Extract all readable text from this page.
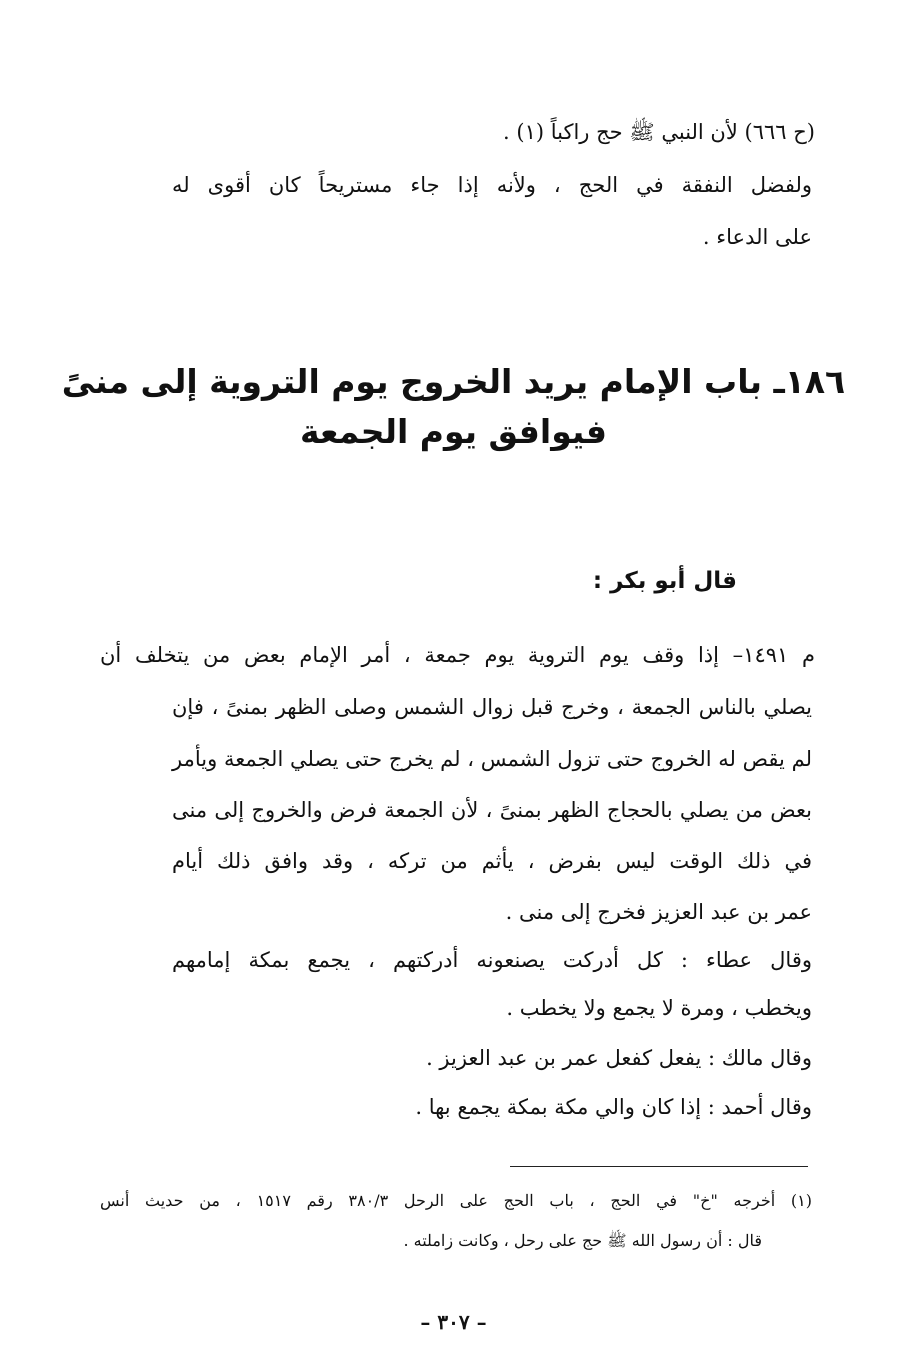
(ح ٦٦٦) لأن النبي ﷺ حج راكباً (١) .
ولفضل النفقة في الحج ، ولأنه إذا جاء مستريحاً كان أقوى له
على الدعاء .
١٨٦ـ باب الإمام يريد الخروج يوم التروية إلى منىً
فيوافق يوم الجمعة
قال أبو بكر :
م ١٤٩١– إذا وقف يوم التروية يوم جمعة ، أمر الإمام بعض من يتخلف أن
يصلي بالناس الجمعة ، وخرج قبل زوال الشمس وصلى الظهر بمنىً ، فإن
لم يقص له الخروج حتى تزول الشمس ، لم يخرج حتى يصلي الجمعة ويأمر
بعض من يصلي بالحجاج الظهر بمنىً ، لأن الجمعة فرض والخروج إلى منى
في ذلك الوقت ليس بفرض ، يأثم من تركه ، وقد وافق ذلك أيام
عمر بن عبد العزيز فخرج إلى منى .
وقال عطاء : كل أدركت يصنعونه أدركتهم ، يجمع بمكة إمامهم
ويخطب ، ومرة لا يجمع ولا يخطب .
وقال مالك : يفعل كفعل عمر بن عبد العزيز .
وقال أحمد : إذا كان والي مكة بمكة يجمع بها .
(١) أخرجه "خ" في الحج ، باب الحج على الرحل ٣٨٠/٣ رقم ١٥١٧ ، من حديث أنس
قال : أن رسول الله ﷺ حج على رحل ، وكانت زاملته .
– ٣٠٧ –
